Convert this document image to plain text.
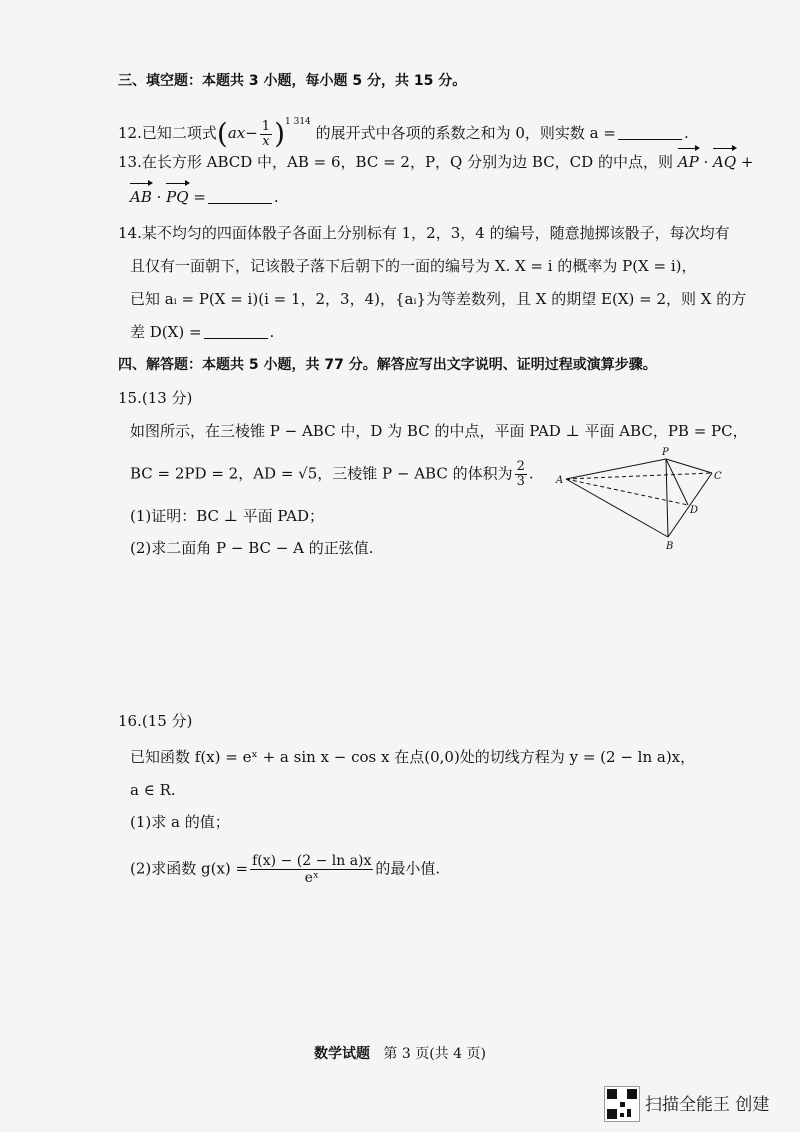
三、填空题：本题共 3 小题，每小题 5 分，共 15 分。
12.已知二项式$(ax- \frac{1}{x} )^{1 314}$ 的展开式中各项的系数之和为 0，则实数 a =	.
13.在长方形 ABCD 中，AB = 6，BC = 2，P，Q 分别为边 BC，CD 的中点，则 AP · AQ +
AB · PQ =	.
14.某不均匀的四面体骰子各面上分别标有 1，2，3，4 的编号，随意抛掷该骰子，每次均有
且仅有一面朝下，记该骰子落下后朝下的一面的编号为 X. X = i 的概率为 P(X = i)，
已知 aᵢ = P(X = i)(i = 1，2，3，4)，{aᵢ}为等差数列，且 X 的期望 E(X) = 2，则 X 的方
差 D(X) =	.
四、解答题：本题共 5 小题，共 77 分。解答应写出文字说明、证明过程或演算步骤。
15.(13 分)
如图所示，在三棱锥 P − ABC 中，D 为 BC 的中点，平面 PAD ⊥ 平面 ABC，PB = PC，
BC = 2PD = 2，AD = √5，三棱锥 P − ABC 的体积为 $\frac{2}{3}$ .
(1)证明：BC ⊥ 平面 PAD；
(2)求二面角 P − BC − A 的正弦值.
A
P
C
D
B
16.(15 分)
已知函数 f(x) = eˣ + a sin x − cos x 在点(0,0)处的切线方程为 y = (2 − ln a)x，
a ∈ R.
(1)求 a 的值；
(2)求函数 $g(x) = \frac{\text{f(x) − (2 − ln a)x}}{\text{eˣ}}$ 的最小值.
数学试题 第 3 页(共 4 页)
扫描全能王 创建
